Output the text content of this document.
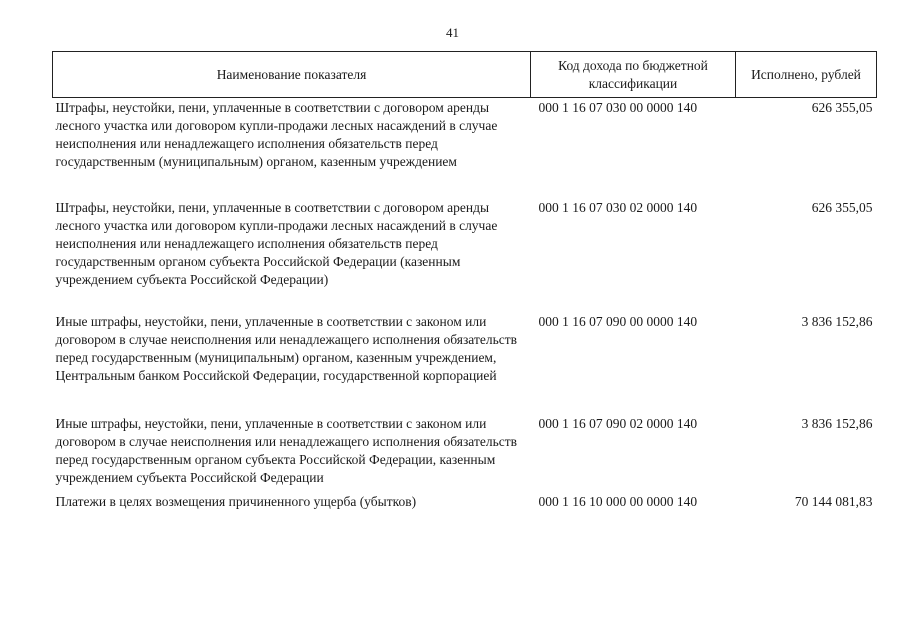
41
Наименование показателя	Код дохода по бюджетной классификации	Исполнено, рублей
Штрафы, неустойки, пени, уплаченные в соответствии с договором аренды лесного участка или договором купли-продажи лесных насаждений в случае неисполнения или ненадлежащего исполнения обязательств перед государственным (муниципальным) органом, казенным учреждением	000 1 16 07 030 00 0000 140	626 355,05
Штрафы, неустойки, пени, уплаченные в соответствии с договором аренды лесного участка или договором купли-продажи лесных насаждений в случае неисполнения или ненадлежащего исполнения обязательств перед государственным органом субъекта Российской Федерации (казенным учреждением субъекта Российской Федерации)	000 1 16 07 030 02 0000 140	626 355,05
Иные штрафы, неустойки, пени, уплаченные в соответствии с законом или договором в случае неисполнения или ненадлежащего исполнения обязательств перед государственным (муниципальным) органом, казенным учреждением, Центральным банком Российской Федерации, государственной корпорацией	000 1 16 07 090 00 0000 140	3 836 152,86
Иные штрафы, неустойки, пени, уплаченные в соответствии с законом или договором в случае неисполнения или ненадлежащего исполнения обязательств перед государственным органом субъекта Российской Федерации, казенным учреждением субъекта Российской Федерации	000 1 16 07 090 02 0000 140	3 836 152,86
Платежи в целях возмещения причиненного ущерба (убытков)	000 1 16 10 000 00 0000 140	70 144 081,83
